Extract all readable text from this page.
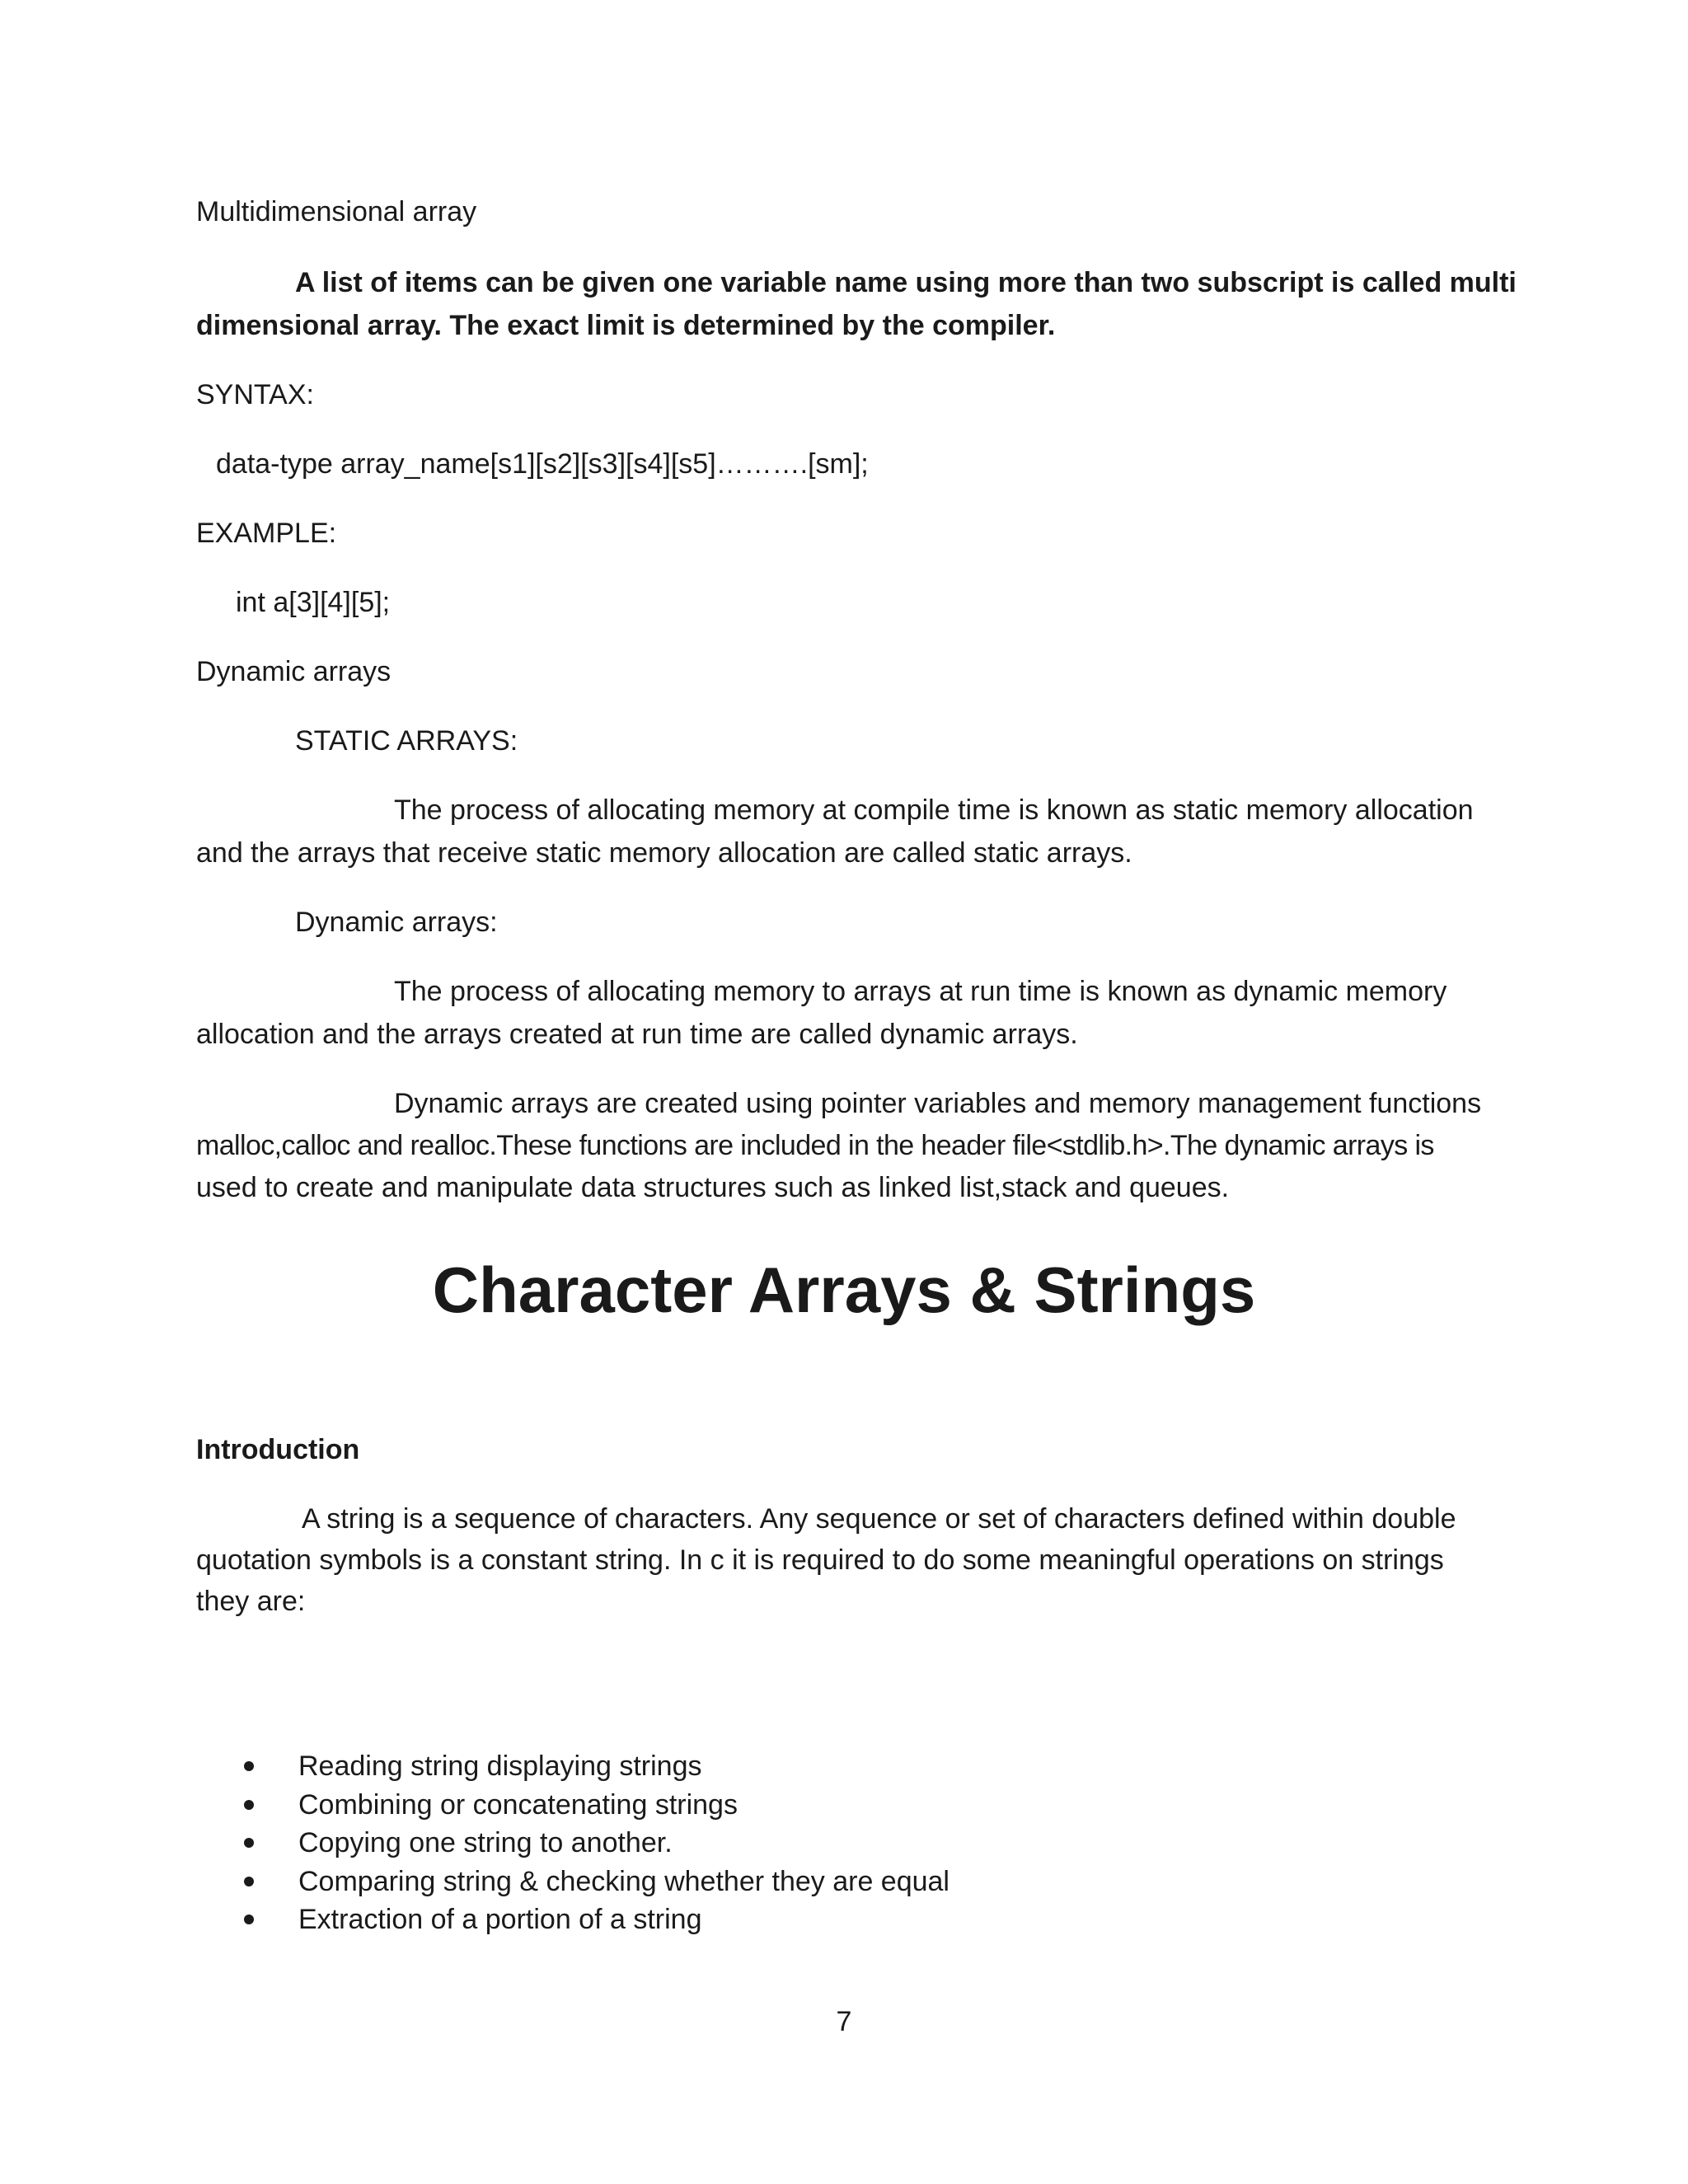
Multidimensional array
A list of items can be given one variable name using more than two subscript is called multi
dimensional array. The exact limit is determined by the compiler.
SYNTAX:
data-type array_name[s1][s2][s3][s4][s5]……….[sm];
EXAMPLE:
int a[3][4][5];
Dynamic arrays
STATIC ARRAYS:
The process of allocating memory at compile time is known as static memory allocation
and the arrays that receive static memory allocation are called static arrays.
Dynamic arrays:
The process of allocating memory to arrays at run time is known as dynamic memory
allocation and the arrays created at run time are called dynamic arrays.
Dynamic arrays are created using pointer variables and memory management functions
malloc,calloc and realloc.These functions are included in the header file<stdlib.h>.The dynamic arrays is
used to create and manipulate data structures such as linked list,stack and queues.
Character Arrays & Strings
Introduction
A string is a sequence of characters. Any sequence or set of characters defined within double
quotation symbols is a constant string. In c it is required to do some meaningful operations on strings
they are:
Reading string displaying strings
Combining or concatenating strings
Copying one string to another.
Comparing string & checking whether they are equal
Extraction of a portion of a string
7
